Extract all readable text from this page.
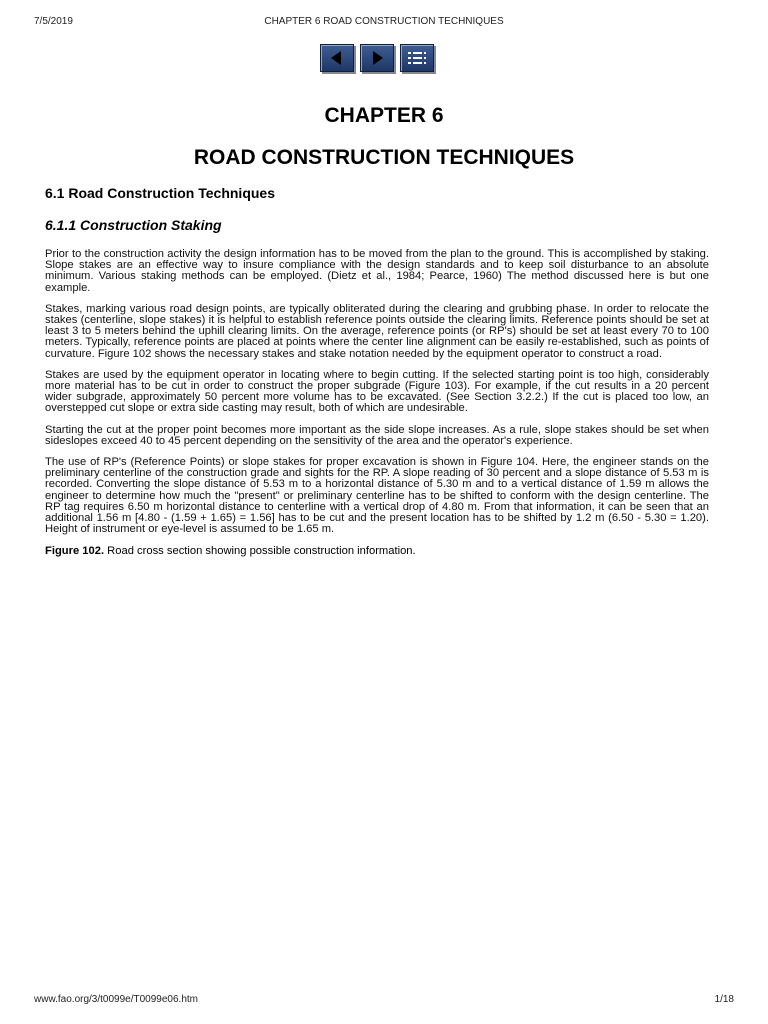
7/5/2019	CHAPTER 6 ROAD CONSTRUCTION TECHNIQUES
CHAPTER 6
ROAD CONSTRUCTION TECHNIQUES
6.1 Road Construction Techniques
6.1.1 Construction Staking

Prior to the construction activity the design information has to be moved from the plan to the ground. This is accomplished by staking. Slope stakes are an effective way to insure compliance with the design standards and to keep soil disturbance to an absolute minimum. Various staking methods can be employed. (Dietz et al., 1984; Pearce, 1960) The method discussed here is but one example.

Stakes, marking various road design points, are typically obliterated during the clearing and grubbing phase. In order to relocate the stakes (centerline, slope stakes) it is helpful to establish reference points outside the clearing limits. Reference points should be set at least 3 to 5 meters behind the uphill clearing limits. On the average, reference points (or RP's) should be set at least every 70 to 100 meters. Typically, reference points are placed at points where the center line alignment can be easily re-established, such as points of curvature. Figure 102 shows the necessary stakes and stake notation needed by the equipment operator to construct a road.

Stakes are used by the equipment operator in locating where to begin cutting. If the selected starting point is too high, considerably more material has to be cut in order to construct the proper subgrade (Figure 103). For example, if the cut results in a 20 percent wider subgrade, approximately 50 percent more volume has to be excavated. (See Section 3.2.2.) If the cut is placed too low, an overstepped cut slope or extra side casting may result, both of which are undesirable.

Starting the cut at the proper point becomes more important as the side slope increases. As a rule, slope stakes should be set when sideslopes exceed 40 to 45 percent depending on the sensitivity of the area and the operator's experience.

The use of RP's (Reference Points) or slope stakes for proper excavation is shown in Figure 104. Here, the engineer stands on the preliminary centerline of the construction grade and sights for the RP. A slope reading of 30 percent and a slope distance of 5.53 m is recorded. Converting the slope distance of 5.53 m to a horizontal distance of 5.30 m and to a vertical distance of 1.59 m allows the engineer to determine how much the "present" or preliminary centerline has to be shifted to conform with the design centerline. The RP tag requires 6.50 m horizontal distance to centerline with a vertical drop of 4.80 m. From that information, it can be seen that an additional 1.56 m [4.80 - (1.59 + 1.65) = 1.56] has to be cut and the present location has to be shifted by 1.2 m (6.50 - 5.30 = 1.20). Height of instrument or eye-level is assumed to be 1.65 m.

Figure 102. Road cross section showing possible construction information.

www.fao.org/3/t0099e/T0099e06.htm	1/18
